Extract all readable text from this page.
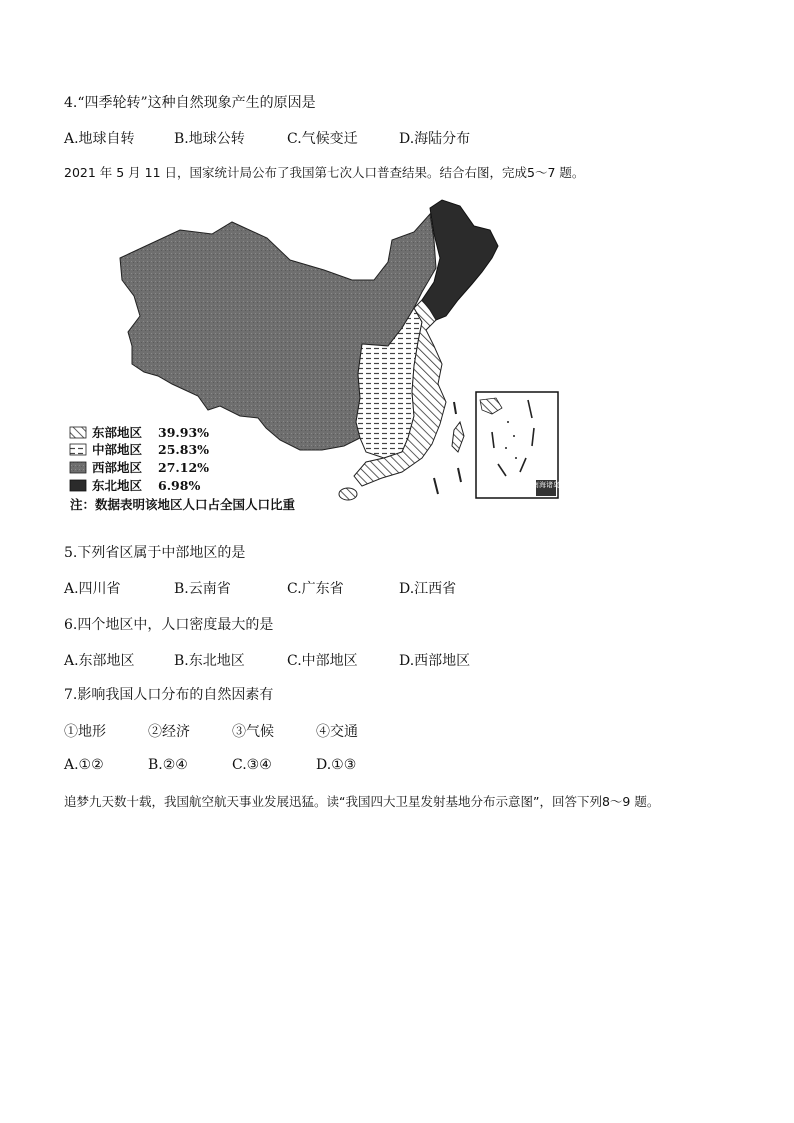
4.“四季轮转”这种自然现象产生的原因是
A.地球自转	B.地球公转	C.气候变迁	D.海陆分布
2021 年 5 月 11 日，国家统计局公布了我国第七次人口普查结果。结合右图，完成5～7 题。
南海诸岛
东部地区 39.93%
中部地区 25.83%
西部地区 27.12%
东北地区 6.98%
注：数据表明该地区人口占全国人口比重
5.下列省区属于中部地区的是
A.四川省	B.云南省	C.广东省	D.江西省
6.四个地区中，人口密度最大的是
A.东部地区	B.东北地区	C.中部地区	D.西部地区
7.影响我国人口分布的自然因素有
①地形	②经济	③气候	④交通
A.①②	B.②④	C.③④	D.①③
追梦九天数十载，我国航空航天事业发展迅猛。读“我国四大卫星发射基地分布示意图”，回答下列8～9 题。
